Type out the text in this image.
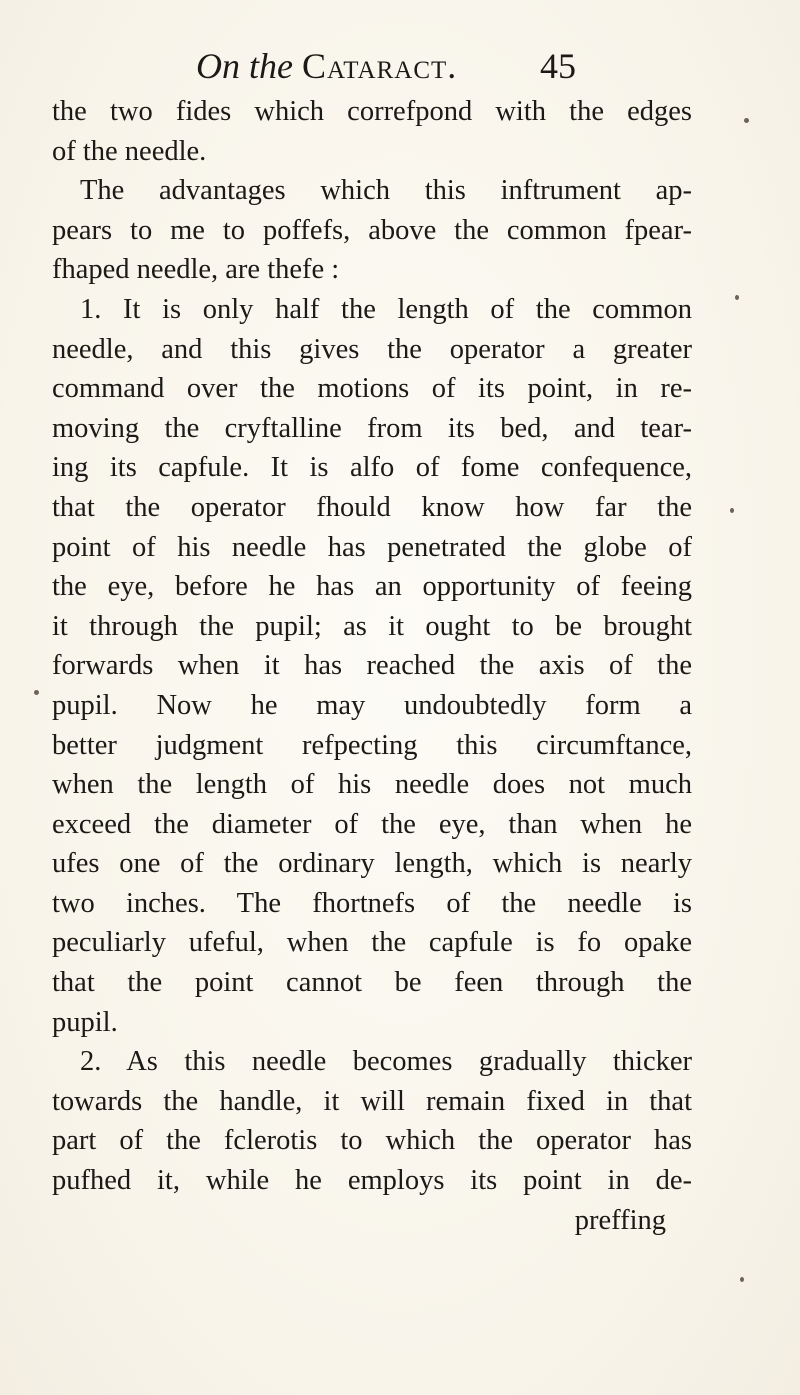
On the Cataract. 45
the two fides which correfpond with the edges
of the needle.
The advantages which this inftrument ap-
pears to me to poffefs, above the common fpear-
fhaped needle, are thefe :
1. It is only half the length of the common
needle, and this gives the operator a greater
command over the motions of its point, in re-
moving the cryftalline from its bed, and tear-
ing its capfule. It is alfo of fome confequence,
that the operator fhould know how far the
point of his needle has penetrated the globe of
the eye, before he has an opportunity of feeing
it through the pupil; as it ought to be brought
forwards when it has reached the axis of the
pupil. Now he may undoubtedly form a
better judgment refpecting this circumftance,
when the length of his needle does not much
exceed the diameter of the eye, than when he
ufes one of the ordinary length, which is nearly
two inches. The fhortnefs of the needle is
peculiarly ufeful, when the capfule is fo opake
that the point cannot be feen through the
pupil.
2. As this needle becomes gradually thicker
towards the handle, it will remain fixed in that
part of the fclerotis to which the operator has
pufhed it, while he employs its point in de-
preffing
